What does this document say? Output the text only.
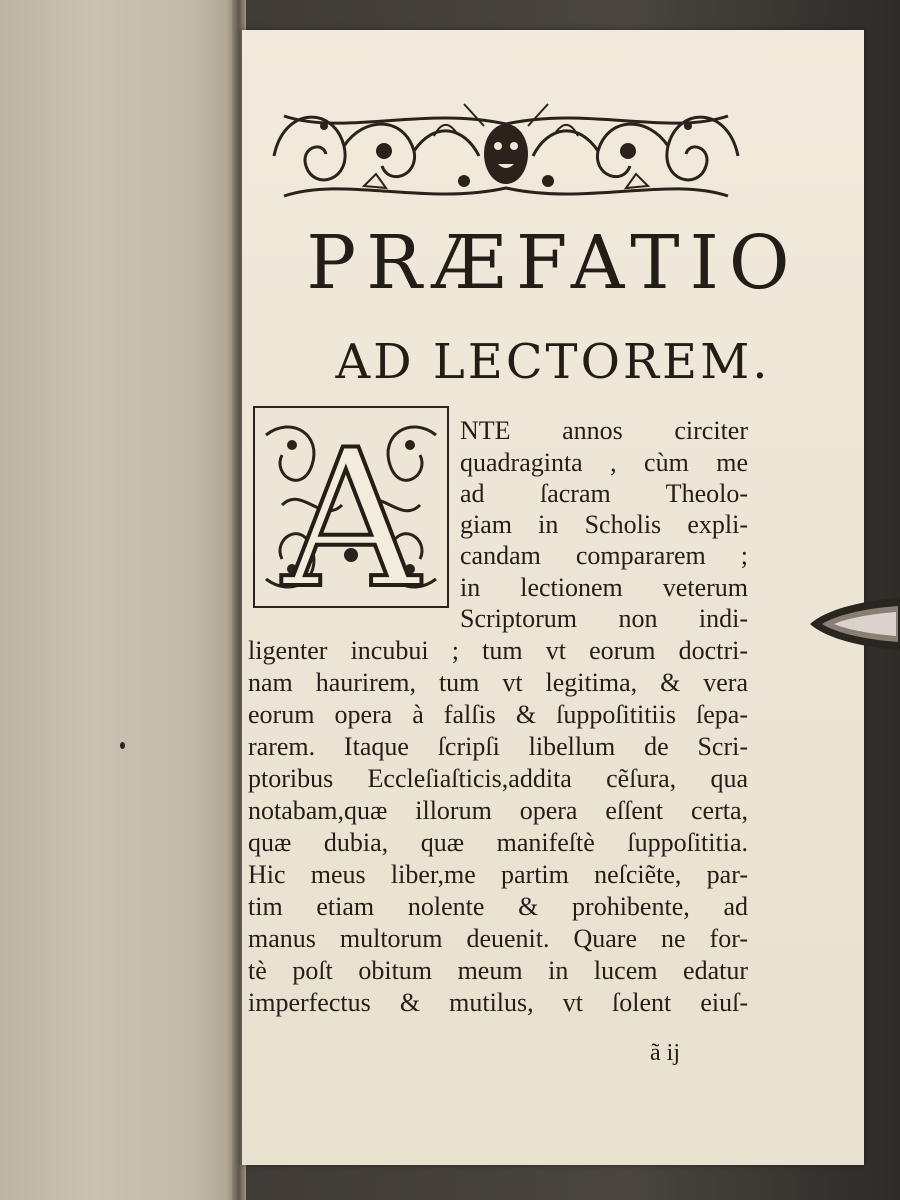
PRÆFATIO
AD LECTOREM.
A NTE annos circiter
quadraginta , cùm me
ad ſacram Theolo-
giam in Scholis expli-
candam compararem ;
in lectionem veterum
Scriptorum non indi-
ligenter incubui ; tum vt eorum doctri-
nam haurirem, tum vt legitima, & vera
eorum opera à falſis & ſuppoſititiis ſepa-
rarem. Itaque ſcripſi libellum de Scri-
ptoribus Eccleſiaſticis,addita cẽſura, qua
notabam,quæ illorum opera eſſent certa,
quæ dubia, quæ manifeſtè ſuppoſititia.
Hic meus liber,me partim neſciẽte, par-
tim etiam nolente & prohibente, ad
manus multorum deuenit. Quare ne for-
tè poſt obitum meum in lucem edatur
imperfectus & mutilus, vt ſolent eiuſ-
ã ij
